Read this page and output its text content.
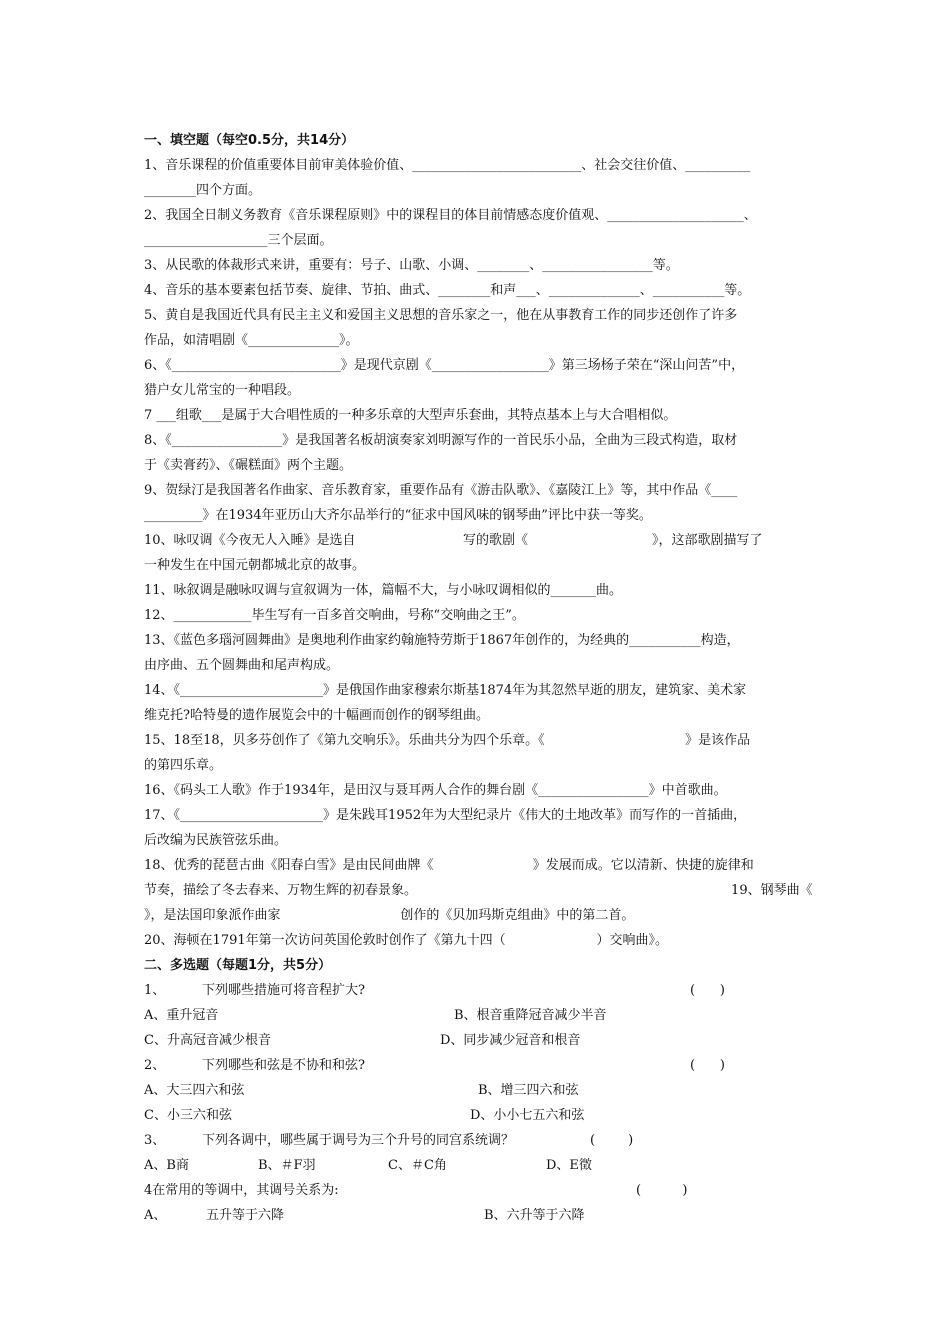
一、填空题（每空0.5分，共14分）
1、音乐课程的价值重要体目前审美体验价值、__________________________、社会交往价值、__________
________四个方面。
2、我国全日制义务教育《音乐课程原则》中的课程目的体目前情感态度价值观、_____________________、
___________________三个层面。
3、从民歌的体裁形式来讲，重要有：号子、山歌、小调、________、_________________等。
4、音乐的基本要素包括节奏、旋律、节拍、曲式、________和声___、______________、___________等。
5、黄自是我国近代具有民主主义和爱国主义思想的音乐家之一，他在从事教育工作的同步还创作了许多
作品，如清唱剧《______________》。
6、《__________________________》是现代京剧《__________________》第三场杨子荣在“深山问苦”中，
猎户女儿常宝的一种唱段。
7 ___组歌___是属于大合唱性质的一种多乐章的大型声乐套曲，其特点基本上与大合唱相似。
8、《_________________》是我国著名板胡演奏家刘明源写作的一首民乐小品，全曲为三段式构造，取材
于《卖膏药》、《碾糕面》两个主题。
9、贺绿汀是我国著名作曲家、音乐教育家，重要作品有《游击队歌》、《嘉陵江上》等，其中作品《____
_________》在1934年亚历山大齐尔品举行的“征求中国风味的钢琴曲”评比中获一等奖。
10、咏叹调《今夜无人入睡》是选自                          写的歌剧《                              》，这部歌剧描写了
一种发生在中国元朝都城北京的故事。
11、咏叙调是融咏叹调与宣叙调为一体，篇幅不大，与小咏叹调相似的_______曲。
12、____________毕生写有一百多首交响曲，号称“交响曲之王”。
13、《蓝色多瑙河圆舞曲》是奥地利作曲家约翰施特劳斯于1867年创作的，为经典的___________构造，
由序曲、五个圆舞曲和尾声构成。
14、《______________________》是俄国作曲家穆索尔斯基1874年为其忽然早逝的朋友，建筑家、美术家
维克托?哈特曼的遗作展览会中的十幅画而创作的钢琴组曲。
15、18至18，贝多芬创作了《第九交响乐》。乐曲共分为四个乐章。《                                  》是该作品
的第四乐章。
16、《码头工人歌》作于1934年，是田汉与聂耳两人合作的舞台剧《_________________》中首歌曲。
17、《______________________》是朱践耳1952年为大型纪录片《伟大的土地改革》而写作的一首插曲，
后改编为民族管弦乐曲。
18、优秀的琵琶古曲《阳春白雪》是由民间曲牌《                        》发展而成。它以清新、快捷的旋律和
节奏，描绘了冬去春来、万物生辉的初春景象。                                                                            19、钢琴曲《
》，是法国印象派作曲家                             创作的《贝加玛斯克组曲》中的第二首。
20、海顿在1791年第一次访问英国伦敦时创作了《第九十四（                      ）交响曲》。
二、多选题（每题1分，共5分）

1、

	下列哪些措施可将音程扩大?

	(      )

A、重升冠音

	B、根音重降冠音减少半音

C、升高冠音减少根音

	D、同步减少冠音和根音

2、

	下列哪些和弦是不协和和弦?

	(      )

A、大三四六和弦

	B、增三四六和弦

C、小三六和弦

	D、小小七五六和弦

3、

	下列各调中，哪些属于调号为三个升号的同宫系统调？

	(        )

A、B商

	B、＃F羽

	C、＃C角

	D、E徵

4在常用的等调中，其调号关系为:

	(          )

A、

	五升等于六降

	B、六升等于六降
